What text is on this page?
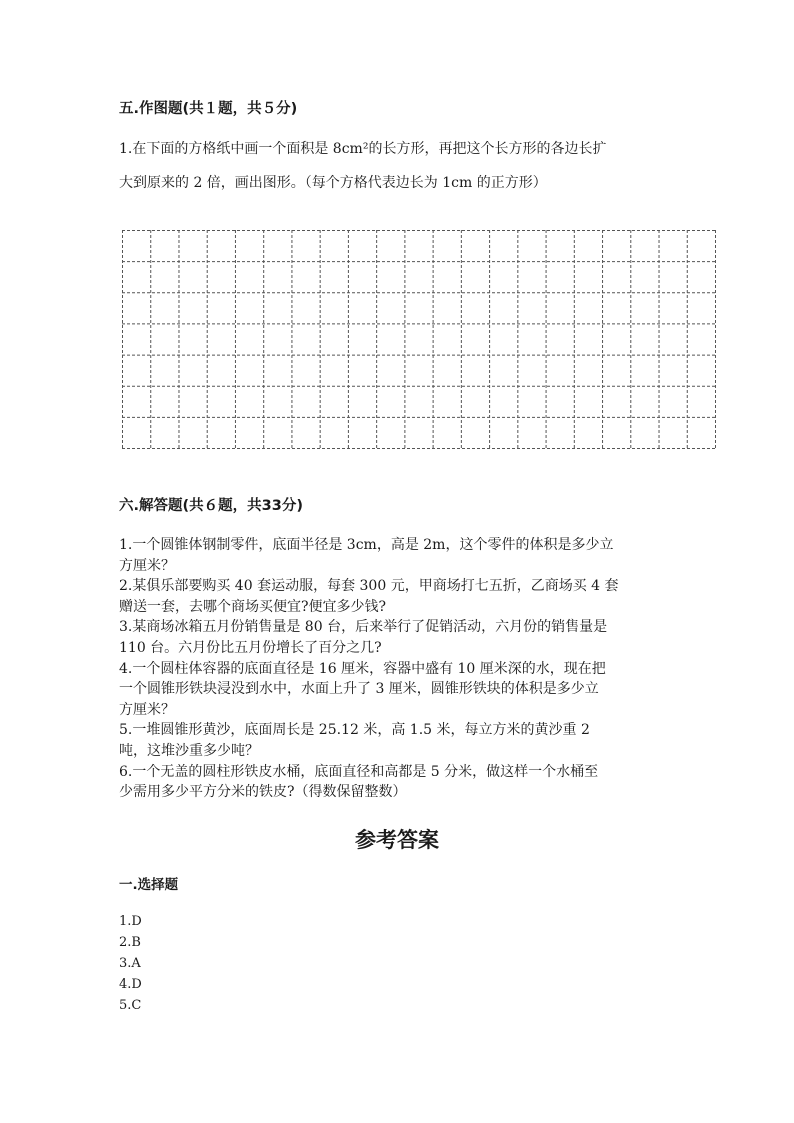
五.作图题(共１题，共５分)
1.在下面的方格纸中画一个面积是 8cm²的长方形，再把这个长方形的各边长扩
大到原来的 2 倍，画出图形。（每个方格代表边长为 1cm 的正方形）
六.解答题(共６题，共33分)
1.一个圆锥体钢制零件，底面半径是 3cm，高是 2m，这个零件的体积是多少立
方厘米？
2.某俱乐部要购买 40 套运动服，每套 300 元，甲商场打七五折，乙商场买 4 套
赠送一套，去哪个商场买便宜?便宜多少钱?
3.某商场冰箱五月份销售量是 80 台，后来举行了促销活动，六月份的销售量是
110 台。六月份比五月份增长了百分之几?
4.一个圆柱体容器的底面直径是 16 厘米，容器中盛有 10 厘米深的水，现在把
一个圆锥形铁块浸没到水中，水面上升了 3 厘米，圆锥形铁块的体积是多少立
方厘米？
5.一堆圆锥形黄沙，底面周长是 25.12 米，高 1.5 米，每立方米的黄沙重 2
吨，这堆沙重多少吨？
6.一个无盖的圆柱形铁皮水桶，底面直径和高都是 5 分米，做这样一个水桶至
少需用多少平方分米的铁皮?（得数保留整数）
参考答案
一.选择题
1.D
2.B
3.A
4.D
5.C
